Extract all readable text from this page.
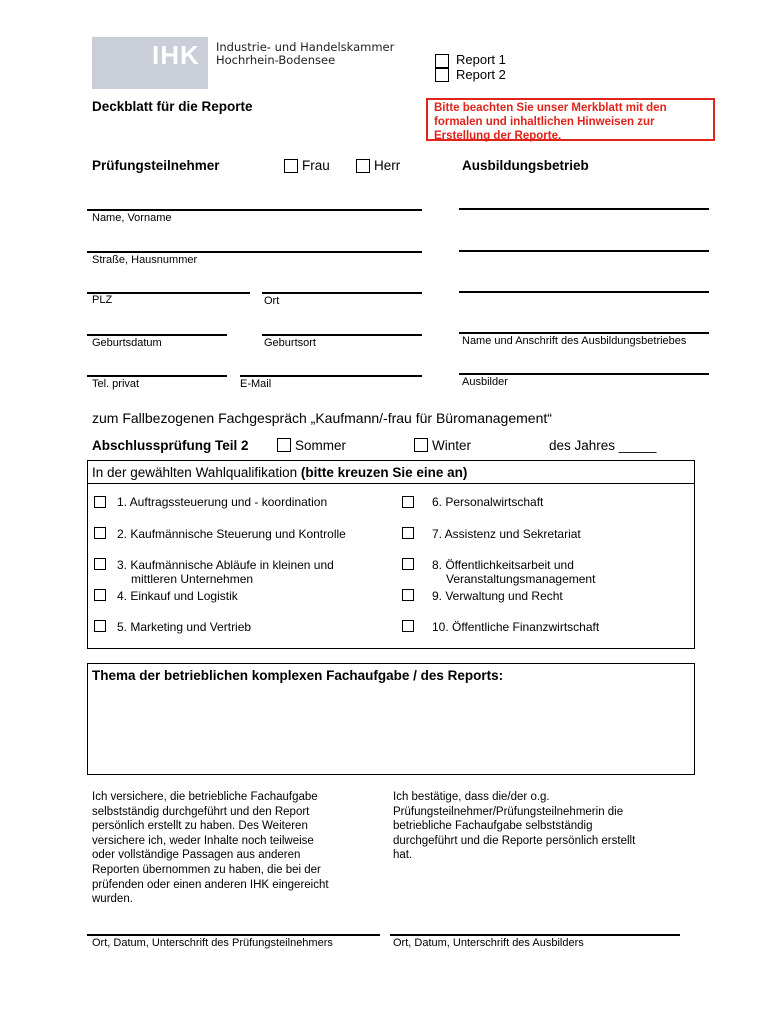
IHK Industrie- und Handelskammer
Hochrhein-Bodensee	Report 1
Report 2
Deckblatt für die Reporte	Bitte beachten Sie unser Merkblatt mit den
formalen und inhaltlichen Hinweisen zur
Erstellung der Reporte.
Prüfungsteilnehmer	Frau	Herr	Ausbildungsbetrieb
Name, Vorname
Straße, Hausnummer
PLZ	Ort
Geburtsdatum	Geburtsort
Tel. privat	E-Mail
Name und Anschrift des Ausbildungsbetriebes
Ausbilder
zum Fallbezogenen Fachgespräch „Kaufmann/-frau für Büromanagement“
Abschlussprüfung Teil 2	Sommer	Winter	des Jahres _____
In der gewählten Wahlqualifikation (bitte kreuzen Sie eine an)
1. Auftragssteuerung und - koordination
2. Kaufmännische Steuerung und Kontrolle
3. Kaufmännische Abläufe in kleinen und
mittleren Unternehmen
4. Einkauf und Logistik
5. Marketing und Vertrieb
6. Personalwirtschaft
7. Assistenz und Sekretariat
8. Öffentlichkeitsarbeit und
Veranstaltungsmanagement
9. Verwaltung und Recht
10. Öffentliche Finanzwirtschaft
Thema der betrieblichen komplexen Fachaufgabe / des Reports:
Ich versichere, die betriebliche Fachaufgabe
selbstständig durchgeführt und den Report
persönlich erstellt zu haben. Des Weiteren
versichere ich, weder Inhalte noch teilweise
oder vollständige Passagen aus anderen
Reporten übernommen zu haben, die bei der
prüfenden oder einen anderen IHK eingereicht
wurden.
Ich bestätige, dass die/der o.g.
Prüfungsteilnehmer/Prüfungsteilnehmerin die
betriebliche Fachaufgabe selbstständig
durchgeführt und die Reporte persönlich erstellt
hat.
Ort, Datum, Unterschrift des Prüfungsteilnehmers	Ort, Datum, Unterschrift des Ausbilders
